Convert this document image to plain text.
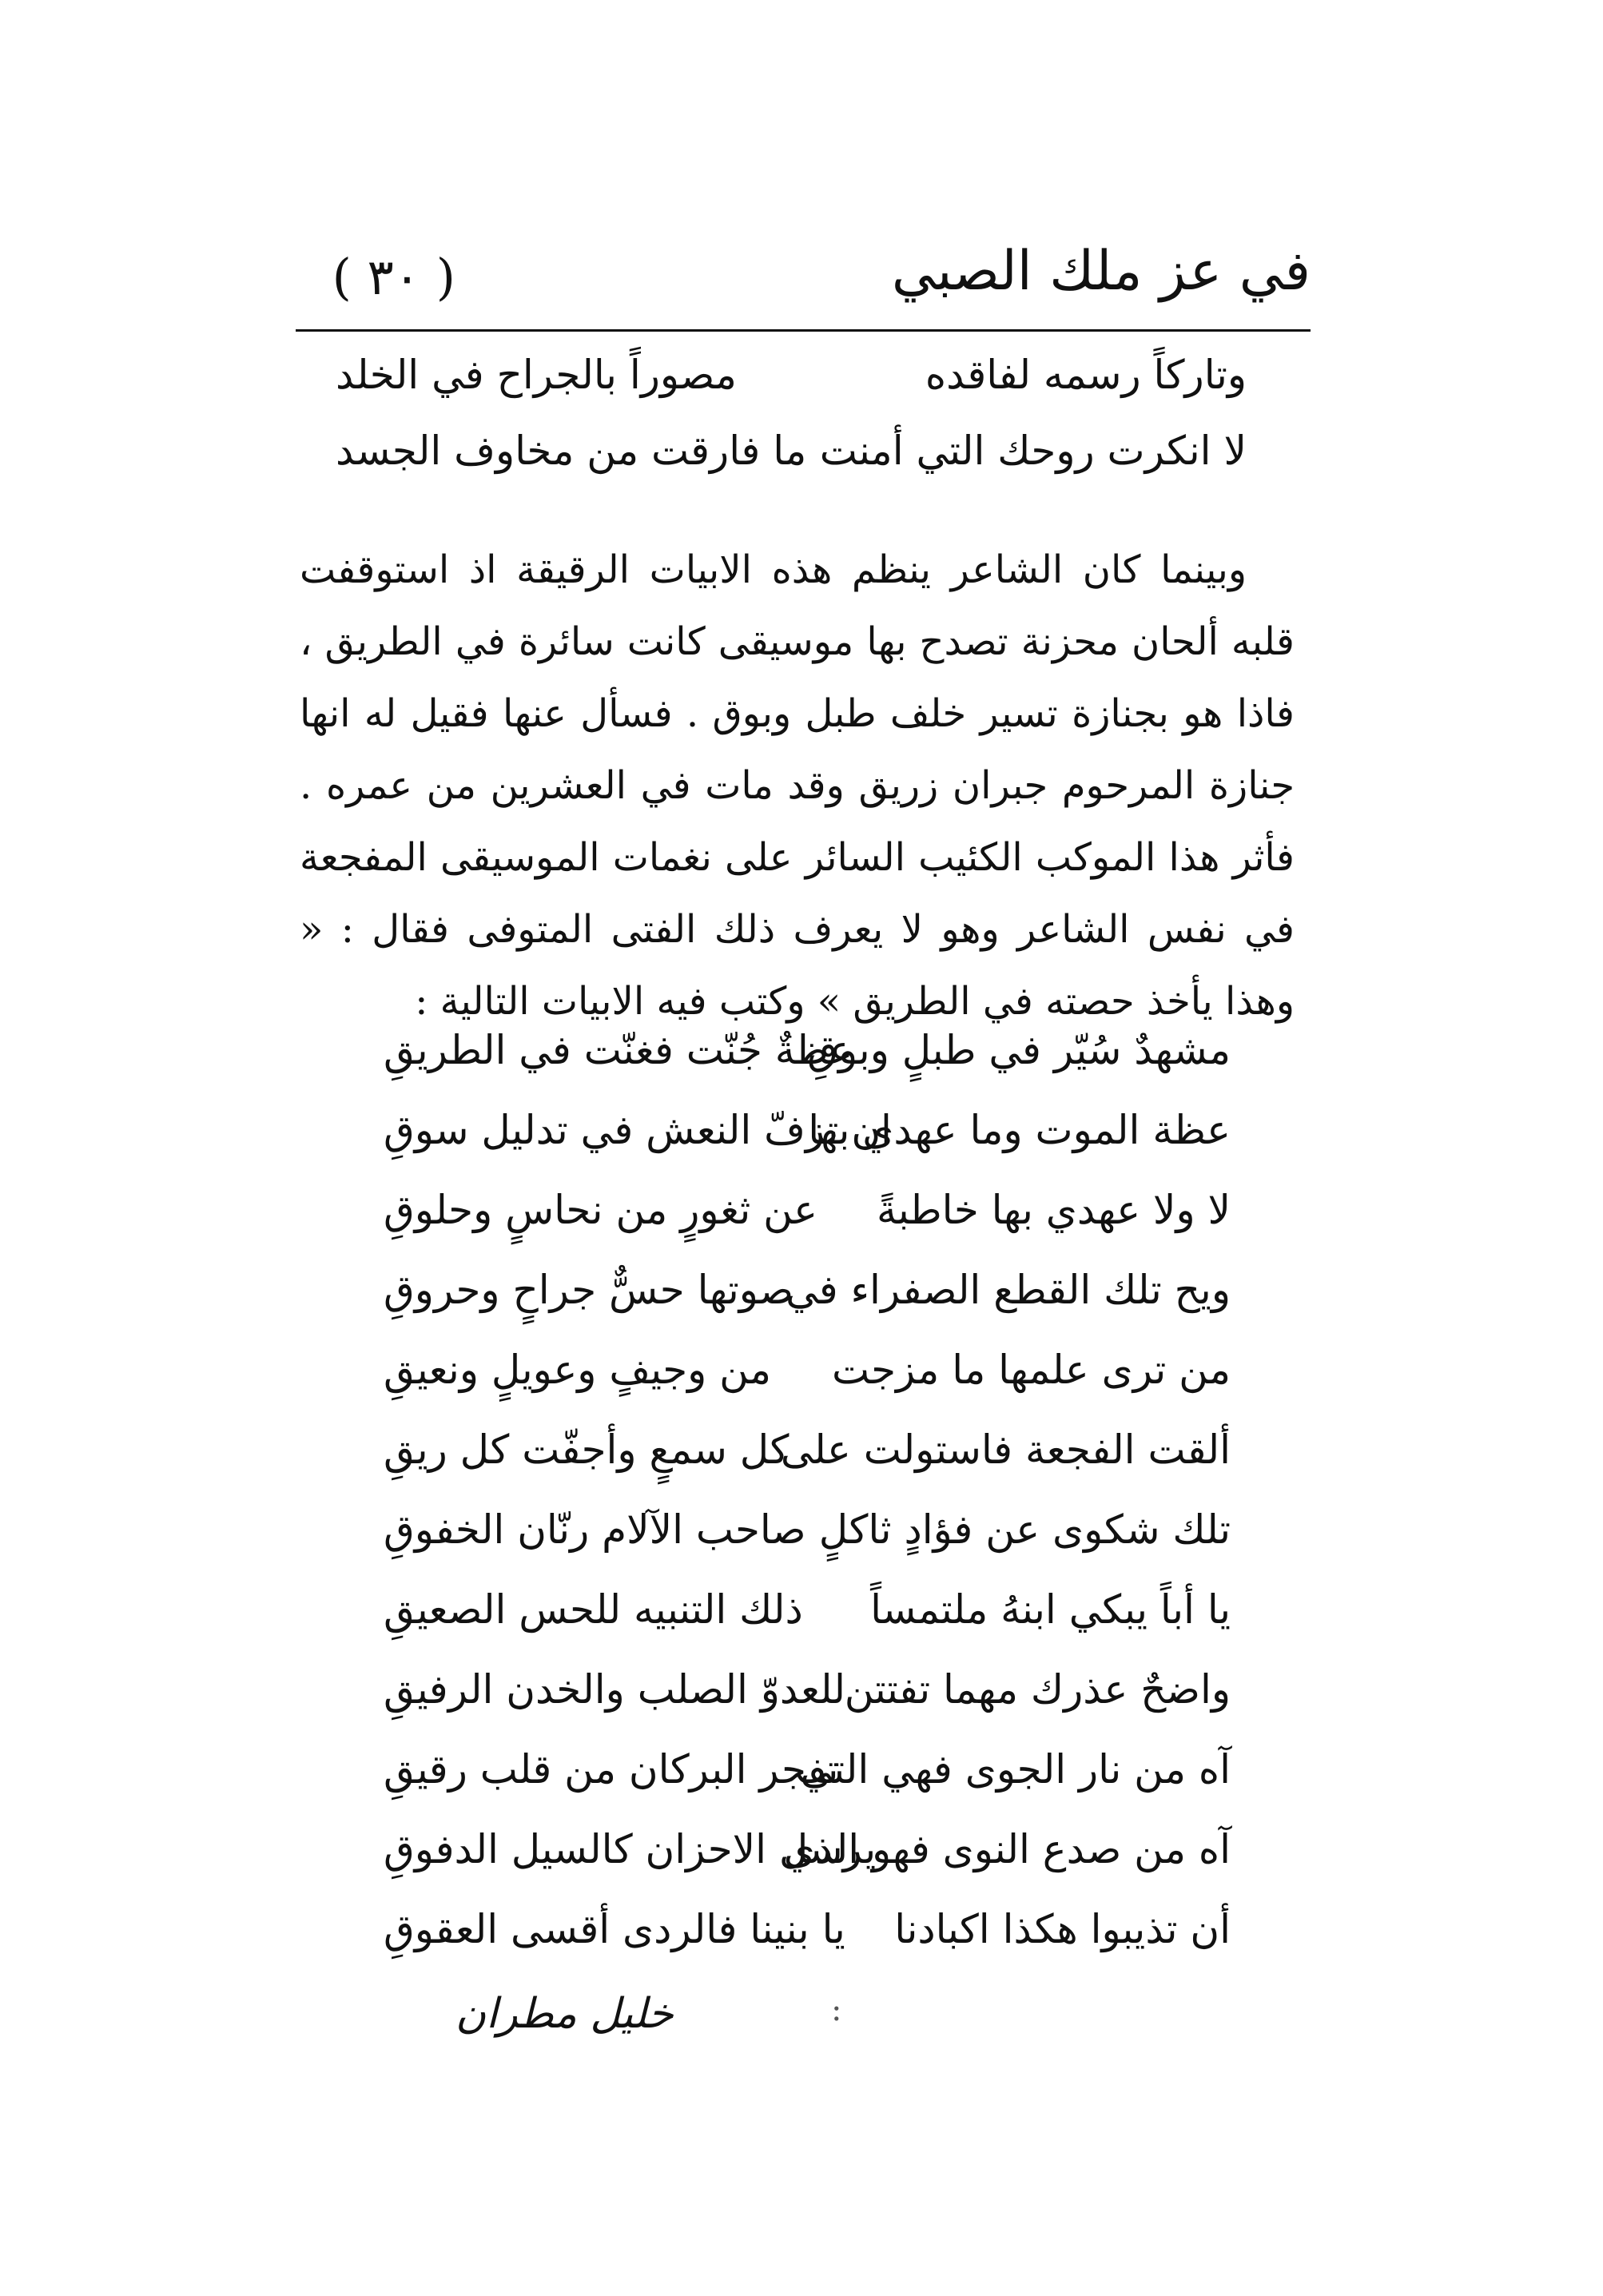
( ٣٠ )	في عز ملك الصبي
وتاركاً رسمه لفاقده
مصوراً بالجراح في الخلد
لا انكرت روحك التي أمنت
ما فارقت من مخاوف الجسد

وبينما كان الشاعر ينظم هذه الابيات الرقيقة اذ استوقفت قلبه ألحان محزنة تصدح بها موسيقى كانت سائرة في الطريق ، فاذا هو بجنازة تسير خلف طبل وبوق . فسأل عنها فقيل له انها جنازة المرحوم جبران زريق وقد مات في العشرين من عمره . فأثر هذا الموكب الكئيب السائر على نغمات الموسيقى المفجعة في نفس الشاعر وهو لا يعرف ذلك الفتى المتوفى فقال : « وهذا يأخذ حصته في الطريق » وكتب فيه الابيات التالية :

مشهدٌ سُيّر في طبلٍ وبوقِ
عظةٌ جُنّت فغنّت في الطريقِ
عظة الموت وما عهدي بها
ان تزفّ النعش في تدليل سوقِ
لا ولا عهدي بها خاطبةً
عن ثغورٍ من نحاسٍ وحلوقِ
ويح تلك القطع الصفراء في
صوتها حسٌّ جراحٍ وحروقِ
من ترى علمها ما مزجت
من وجيفٍ وعويلٍ ونعيقِ
ألقت الفجعة فاستولت على
كل سمعٍ وأجفّت كل ريقِ
تلك شكوى عن فؤادٍ ثاكلٍ
صاحب الآلام رنّان الخفوقِ
يا أباً يبكي ابنهُ ملتمساً
ذلك التنبيه للحس الصعيقِ
واضحٌ عذرك مهما تفتتن
للعدوّ الصلب والخدن الرفيقِ
آه من نار الجوى فهي التي
تفجر البركان من قلب رقيقِ
آه من صدع النوى فهو الذي
يرسل الاحزان كالسيل الدفوقِ
أن تذيبوا هكذا اكبادنا
يا بنينا فالردى أقسى العقوقِ
خليل مطران	:
